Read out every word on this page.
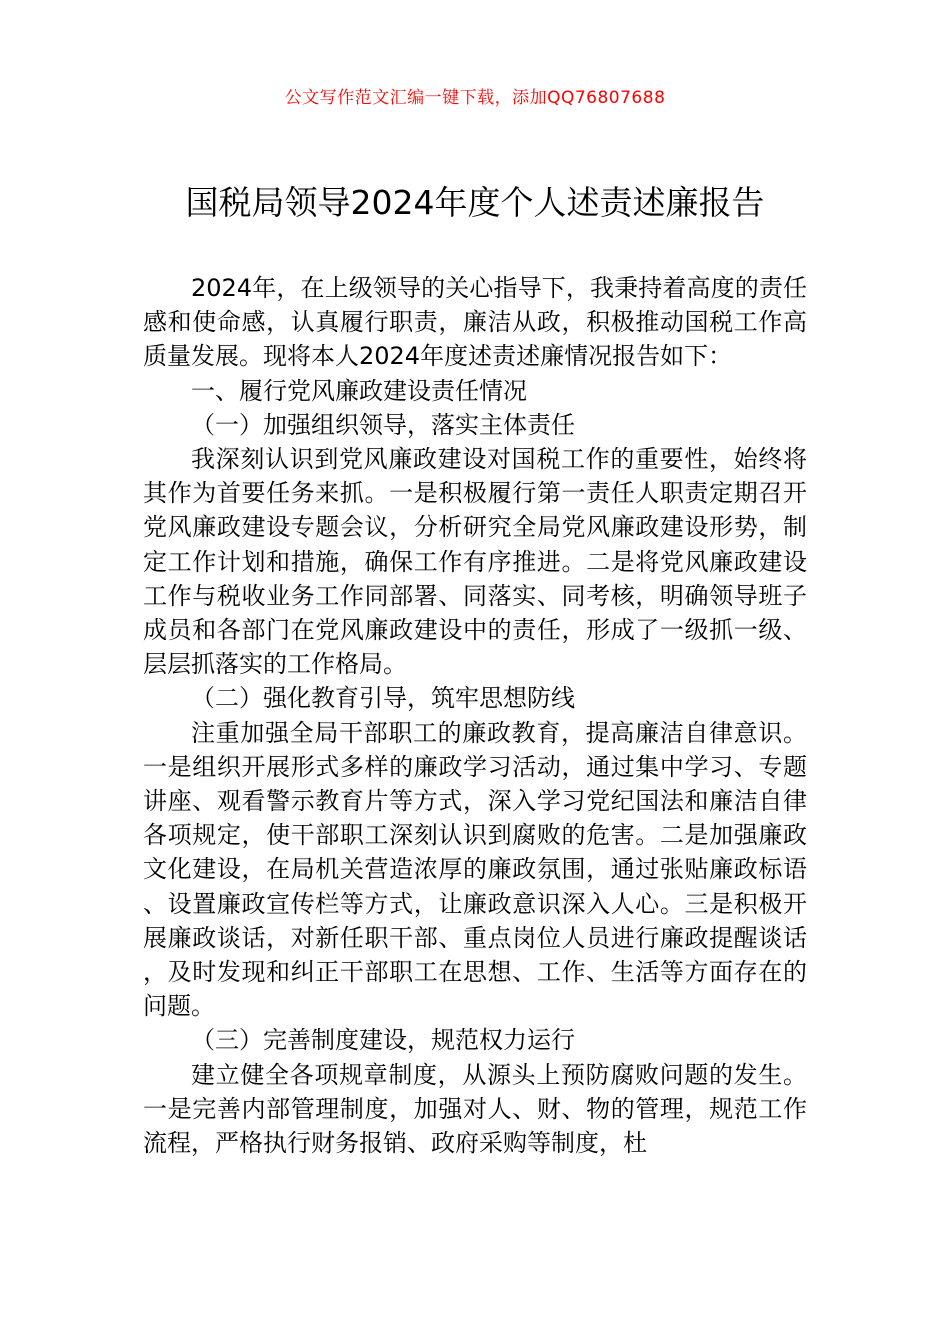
公文写作范文汇编一键下载，添加QQ76807688
国税局领导2024年度个人述责述廉报告

2024年，在上级领导的关心指导下，我秉持着高度的责任感和使命感，认真履行职责，廉洁从政，积极推动国税工作高质量发展。现将本人2024年度述责述廉情况报告如下：

一、履行党风廉政建设责任情况

（一）加强组织领导，落实主体责任

我深刻认识到党风廉政建设对国税工作的重要性，始终将其作为首要任务来抓。一是积极履行第一责任人职责定期召开党风廉政建设专题会议，分析研究全局党风廉政建设形势，制定工作计划和措施，确保工作有序推进。二是将党风廉政建设工作与税收业务工作同部署、同落实、同考核，明确领导班子成员和各部门在党风廉政建设中的责任，形成了一级抓一级、层层抓落实的工作格局。

（二）强化教育引导，筑牢思想防线

注重加强全局干部职工的廉政教育，提高廉洁自律意识。一是组织开展形式多样的廉政学习活动，通过集中学习、专题讲座、观看警示教育片等方式，深入学习党纪国法和廉洁自律各项规定，使干部职工深刻认识到腐败的危害。二是加强廉政文化建设，在局机关营造浓厚的廉政氛围，通过张贴廉政标语、设置廉政宣传栏等方式，让廉政意识深入人心。三是积极开展廉政谈话，对新任职干部、重点岗位人员进行廉政提醒谈话，及时发现和纠正干部职工在思想、工作、生活等方面存在的问题。

（三）完善制度建设，规范权力运行

建立健全各项规章制度，从源头上预防腐败问题的发生。一是完善内部管理制度，加强对人、财、物的管理，规范工作流程，严格执行财务报销、政府采购等制度，杜
